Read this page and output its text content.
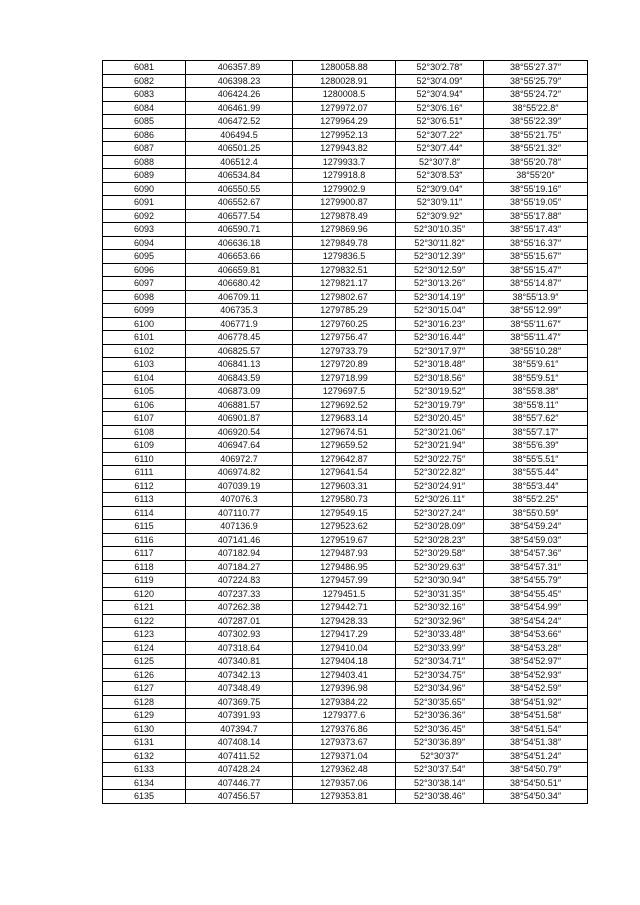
6081	406357.89	1280058.88	52°30′2.78″	38°55′27.37″
6082	406398.23	1280028.91	52°30′4.09″	38°55′25.79″
6083	406424.26	1280008.5	52°30′4.94″	38°55′24.72″
6084	406461.99	1279972.07	52°30′6.16″	38°55′22.8″
6085	406472.52	1279964.29	52°30′6.51″	38°55′22.39″
6086	406494.5	1279952.13	52°30′7.22″	38°55′21.75″
6087	406501.25	1279943.82	52°30′7.44″	38°55′21.32″
6088	406512.4	1279933.7	52°30′7.8″	38°55′20.78″
6089	406534.84	1279918.8	52°30′8.53″	38°55′20″
6090	406550.55	1279902.9	52°30′9.04″	38°55′19.16″
6091	406552.67	1279900.87	52°30′9.11″	38°55′19.05″
6092	406577.54	1279878.49	52°30′9.92″	38°55′17.88″
6093	406590.71	1279869.96	52°30′10.35″	38°55′17.43″
6094	406636.18	1279849.78	52°30′11.82″	38°55′16.37″
6095	406653.66	1279836.5	52°30′12.39″	38°55′15.67″
6096	406659.81	1279832.51	52°30′12.59″	38°55′15.47″
6097	406680.42	1279821.17	52°30′13.26″	38°55′14.87″
6098	406709.11	1279802.67	52°30′14.19″	38°55′13.9″
6099	406735.3	1279785.29	52°30′15.04″	38°55′12.99″
6100	406771.9	1279760.25	52°30′16.23″	38°55′11.67″
6101	406778.45	1279756.47	52°30′16.44″	38°55′11.47″
6102	406825.57	1279733.79	52°30′17.97″	38°55′10.28″
6103	406841.13	1279720.89	52°30′18.48″	38°55′9.61″
6104	406843.59	1279718.99	52°30′18.56″	38°55′9.51″
6105	406873.09	1279697.5	52°30′19.52″	38°55′8.38″
6106	406881.57	1279692.52	52°30′19.79″	38°55′8.11″
6107	406901.87	1279683.14	52°30′20.45″	38°55′7.62″
6108	406920.54	1279674.51	52°30′21.06″	38°55′7.17″
6109	406947.64	1279659.52	52°30′21.94″	38°55′6.39″
6110	406972.7	1279642.87	52°30′22.75″	38°55′5.51″
6111	406974.82	1279641.54	52°30′22.82″	38°55′5.44″
6112	407039.19	1279603.31	52°30′24.91″	38°55′3.44″
6113	407076.3	1279580.73	52°30′26.11″	38°55′2.25″
6114	407110.77	1279549.15	52°30′27.24″	38°55′0.59″
6115	407136.9	1279523.62	52°30′28.09″	38°54′59.24″
6116	407141.46	1279519.67	52°30′28.23″	38°54′59.03″
6117	407182.94	1279487.93	52°30′29.58″	38°54′57.36″
6118	407184.27	1279486.95	52°30′29.63″	38°54′57.31″
6119	407224.83	1279457.99	52°30′30.94″	38°54′55.79″
6120	407237.33	1279451.5	52°30′31.35″	38°54′55.45″
6121	407262.38	1279442.71	52°30′32.16″	38°54′54.99″
6122	407287.01	1279428.33	52°30′32.96″	38°54′54.24″
6123	407302.93	1279417.29	52°30′33.48″	38°54′53.66″
6124	407318.64	1279410.04	52°30′33.99″	38°54′53.28″
6125	407340.81	1279404.18	52°30′34.71″	38°54′52.97″
6126	407342.13	1279403.41	52°30′34.75″	38°54′52.93″
6127	407348.49	1279396.98	52°30′34.96″	38°54′52.59″
6128	407369.75	1279384.22	52°30′35.65″	38°54′51.92″
6129	407391.93	1279377.6	52°30′36.36″	38°54′51.58″
6130	407394.7	1279376.86	52°30′36.45″	38°54′51.54″
6131	407408.14	1279373.67	52°30′36.89″	38°54′51.38″
6132	407411.52	1279371.04	52°30′37″	38°54′51.24″
6133	407428.24	1279362.48	52°30′37.54″	38°54′50.79″
6134	407446.77	1279357.06	52°30′38.14″	38°54′50.51″
6135	407456.57	1279353.81	52°30′38.46″	38°54′50.34″
